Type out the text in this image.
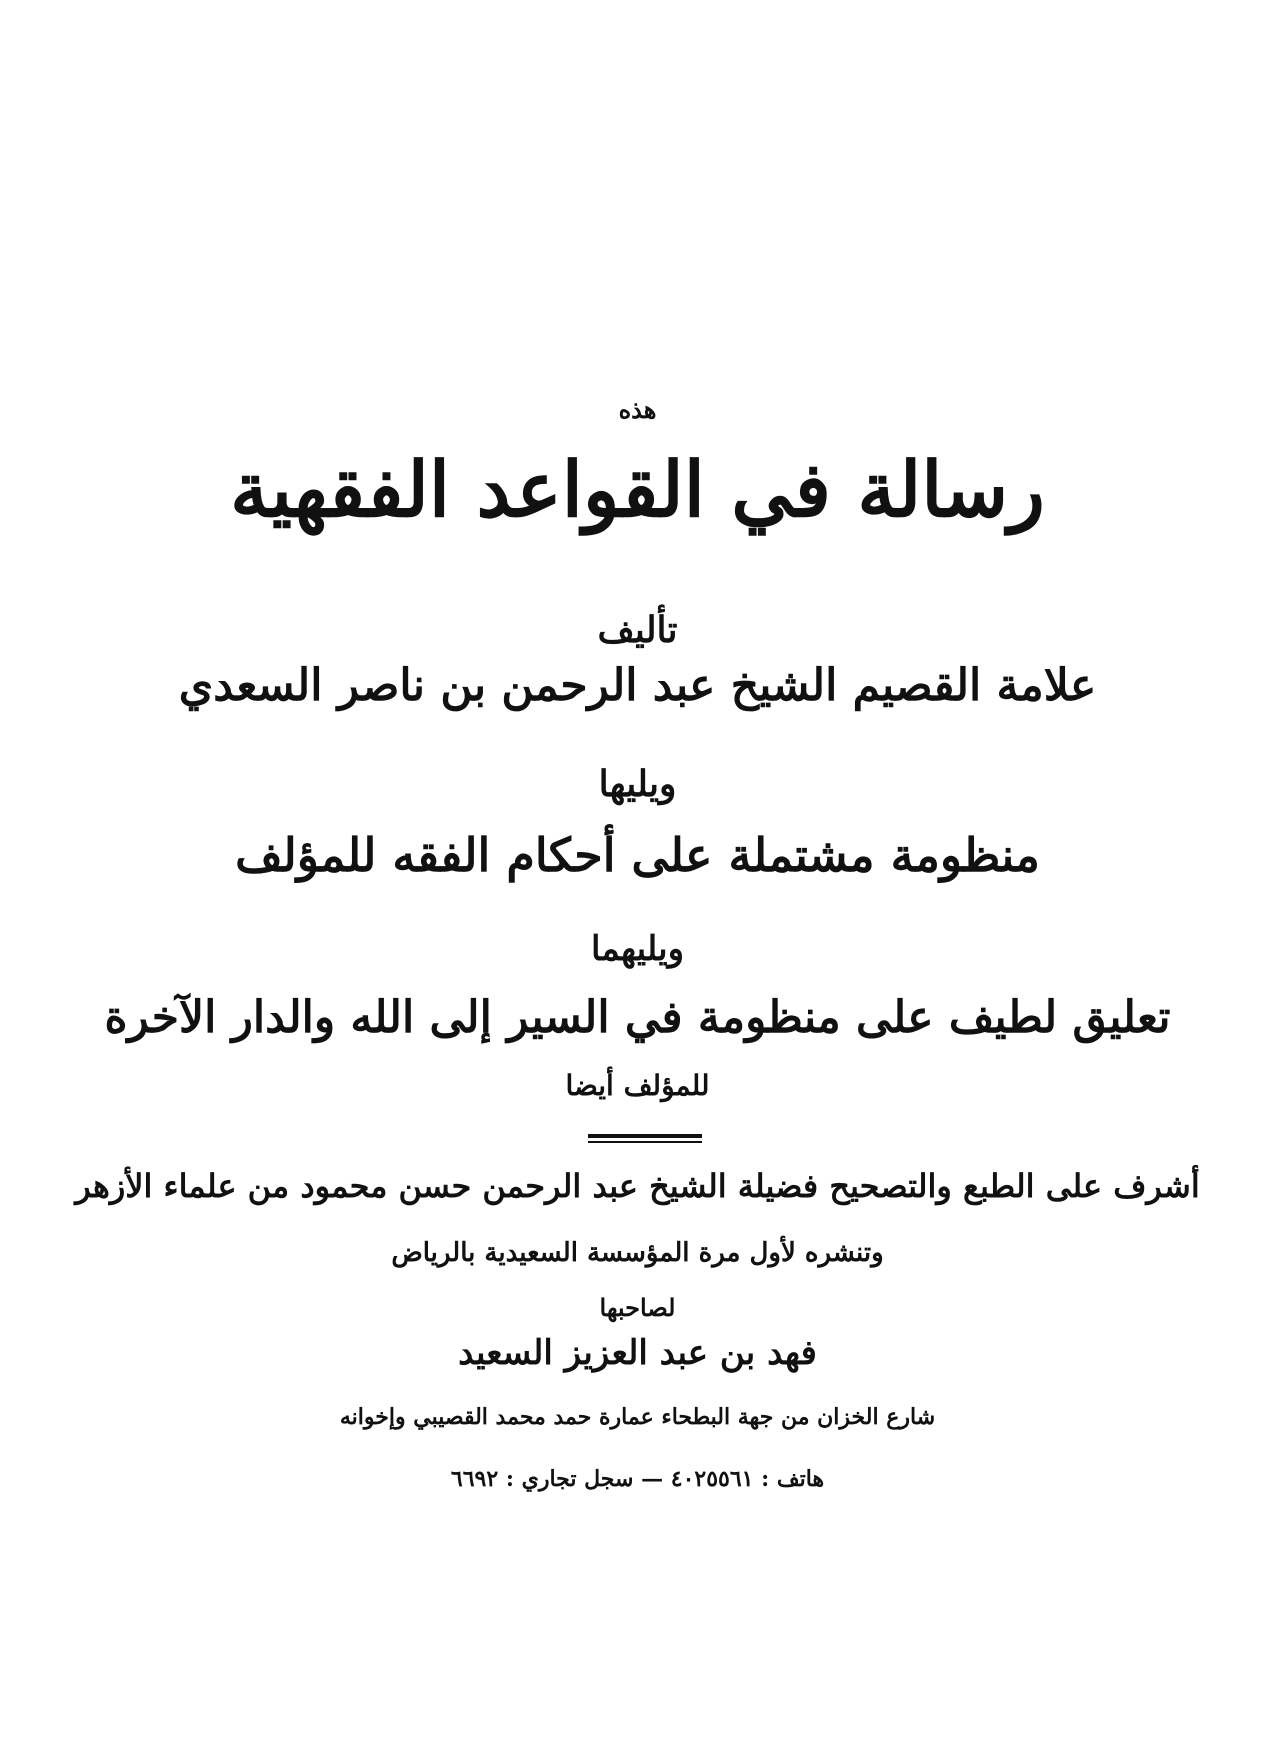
هذه
رسالة في القواعد الفقهية
تأليف
علامة القصيم الشيخ عبد الرحمن بن ناصر السعدي
ويليها
منظومة مشتملة على أحكام الفقه للمؤلف
ويليهما
تعليق لطيف على منظومة في السير إلى الله والدار الآخرة
للمؤلف أيضا
أشرف على الطبع والتصحيح فضيلة الشيخ عبد الرحمن حسن محمود من علماء الأزهر
وتنشره لأول مرة المؤسسة السعيدية بالرياض
لصاحبها
فهد بن عبد العزيز السعيد
شارع الخزان من جهة البطحاء عمارة حمد محمد القصيبي وإخوانه
هاتف : ٤٠٢٥٥٦١ — سجل تجاري : ٦٦٩٢
